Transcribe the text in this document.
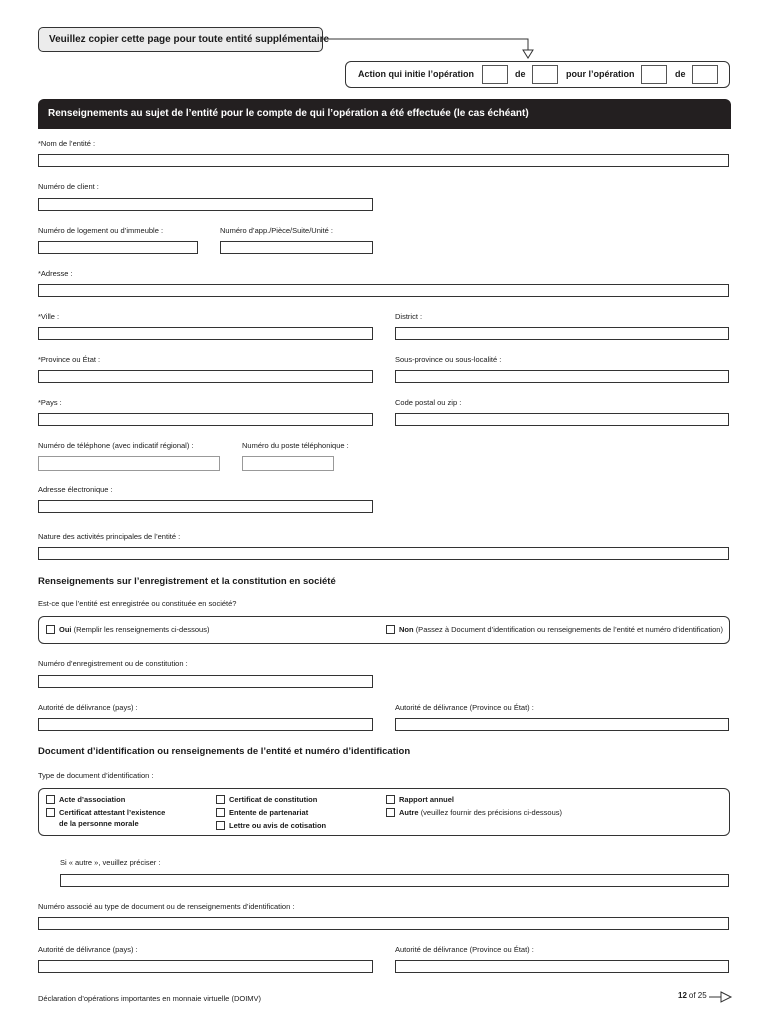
Veuillez copier cette page pour toute entité supplémentaire
Action qui initie l’opération	de	pour l’opération	de
Renseignements au sujet de l’entité pour le compte de qui l’opération a été effectuée (le cas échéant)
*Nom de l’entité :
Numéro de client :
Numéro de logement ou d’immeuble :	Numéro d’app./Pièce/Suite/Unité :
*Adresse :
*Ville :	District :
*Province ou État :	Sous-province ou sous-localité :
*Pays :	Code postal ou zip :
Numéro de téléphone (avec indicatif régional) :	Numéro du poste téléphonique :
Adresse électronique :
Nature des activités principales de l’entité :
Renseignements sur l’enregistrement et la constitution en société
Est-ce que l’entité est enregistrée ou constituée en société?
Oui (Remplir les renseignements ci-dessous)	Non (Passez à Document d’identification ou renseignements de l’entité et numéro d’identification)
Numéro d’enregistrement ou de constitution :
Autorité de délivrance (pays) :	Autorité de délivrance (Province ou État) :
Document d’identification ou renseignements de l’entité et numéro d’identification
Type de document d’identification :
Acte d’association
Certificat attestant l’existence
de la personne morale
Certificat de constitution
Entente de partenariat
Lettre ou avis de cotisation
Rapport annuel
Autre (veuillez fournir des précisions ci-dessous)
Si « autre », veuillez préciser :
Numéro associé au type de document ou de renseignements d’identification :
Autorité de délivrance (pays) :	Autorité de délivrance (Province ou État) :
Déclaration d’opérations importantes en monnaie virtuelle (DOIMV)	12 of 25
